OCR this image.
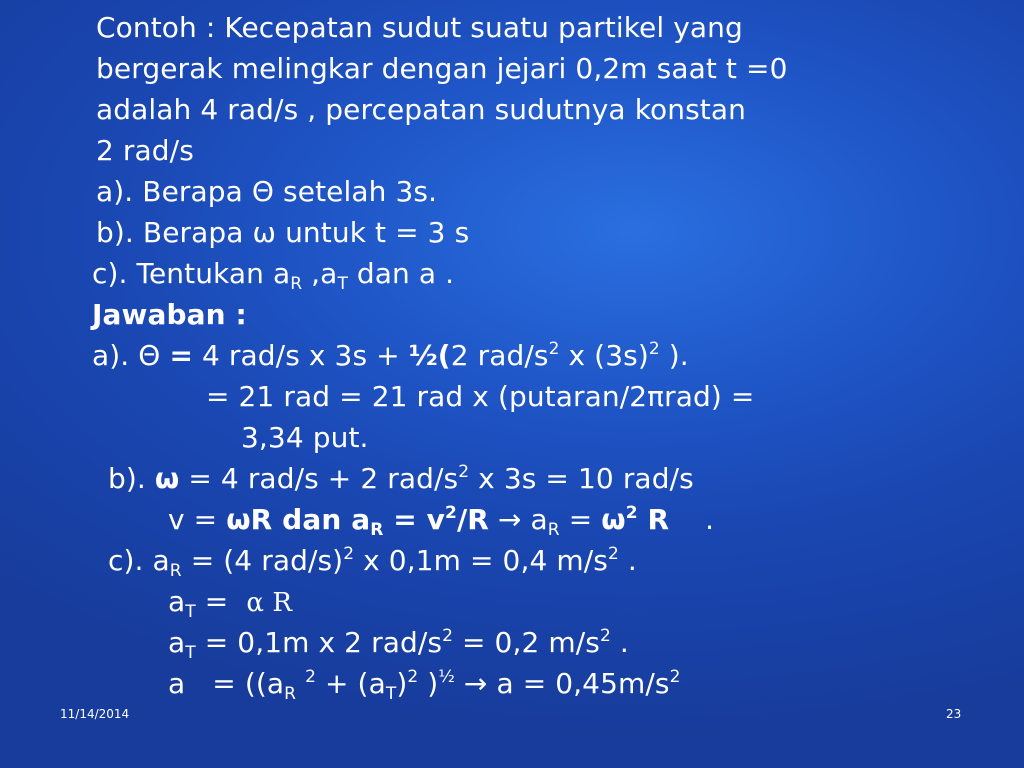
Contoh : Kecepatan sudut suatu partikel yang
bergerak melingkar dengan jejari 0,2m saat t =0
adalah 4 rad/s , percepatan sudutnya konstan
2 rad/s
a). Berapa Θ setelah 3s.
b). Berapa ω untuk t = 3 s
c). Tentukan $a_R$ $,a_T$ dan a .
Jawaban :
a). Θ = 4 rad/s x 3s + ½(2 rad/$s^2$ x $(3s)^2$ ).
= 21 rad = 21 rad x (putaran/2πrad) =
3,34 put.
b). ω = 4 rad/s + 2 rad/$s^2$ x 3s = 10 rad/s
v = ωR dan $a_R = v^2/R \to a_R = \omega^2$ R    .
c). $a_R = (4$ rad/s)$^2$ x 0,1m = 0,4 $m/s^2$ .
$a_T = \alpha$ R
$a_T = 0,1m$ x 2 rad/$s^2 = 0,2$ $m/s^2$ .
$a = ((a_R$ $^2 + (a_T)^2$ )$^{\frac{1}{2}} \to a = 0,45m/s^2$
11/14/2014	23
